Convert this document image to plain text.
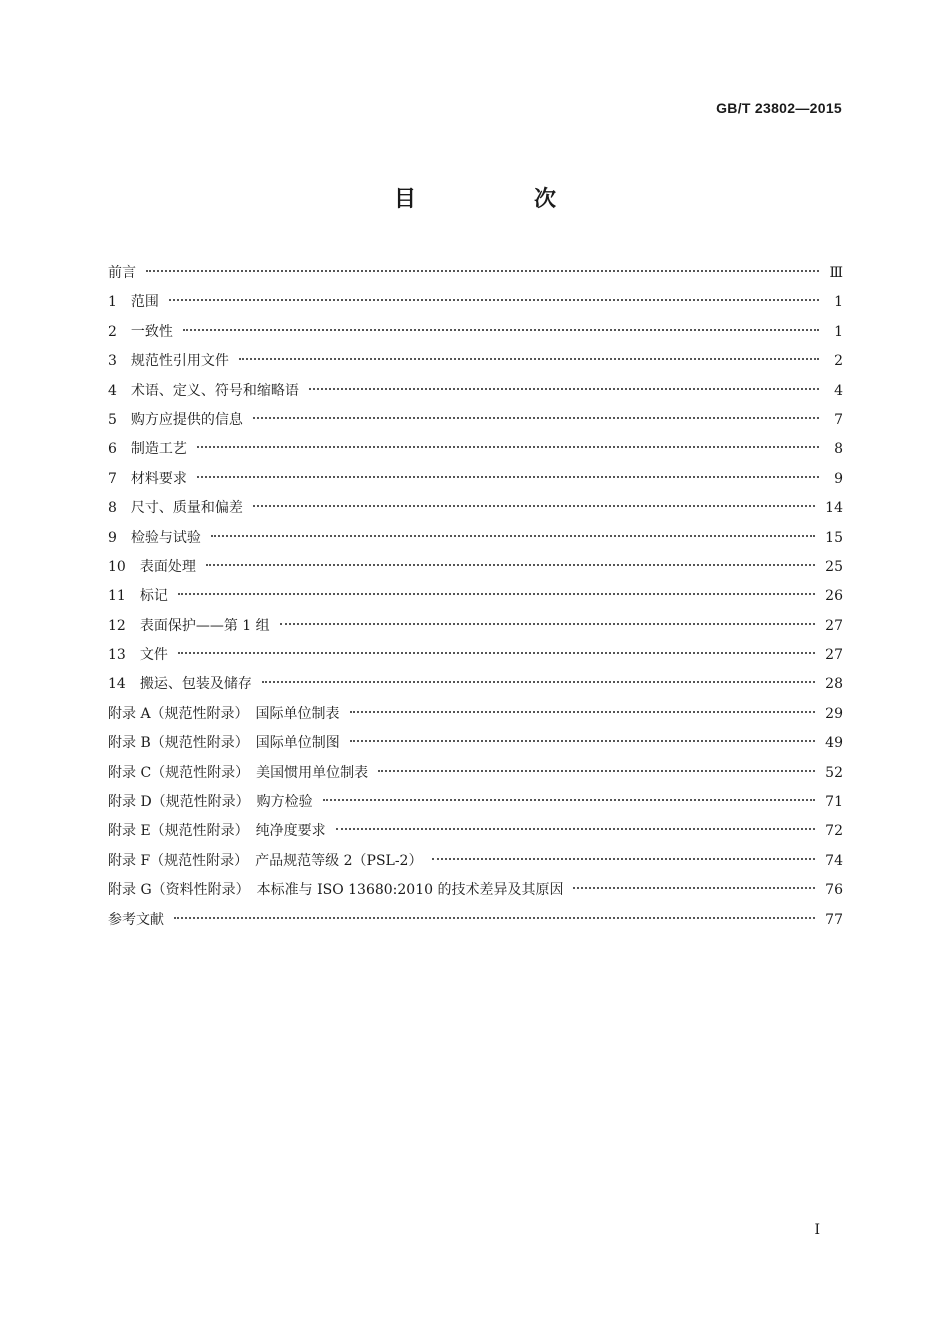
GB/T 23802—2015
目　次
前言	Ⅲ
1　范围	1
2　一致性	1
3　规范性引用文件	2
4　术语、定义、符号和缩略语	4
5　购方应提供的信息	7
6　制造工艺	8
7　材料要求	9
8　尺寸、质量和偏差	14
9　检验与试验	15
10　表面处理	25
11　标记	26
12　表面保护——第 1 组	27
13　文件	27
14　搬运、包装及储存	28
附录 A（规范性附录）　国际单位制表	29
附录 B（规范性附录）　国际单位制图	49
附录 C（规范性附录）　美国惯用单位制表	52
附录 D（规范性附录）　购方检验	71
附录 E（规范性附录）　纯净度要求	72
附录 F（规范性附录）　产品规范等级 2（PSL-2）	74
附录 G（资料性附录）　本标准与 ISO 13680:2010 的技术差异及其原因	76
参考文献	77
I
